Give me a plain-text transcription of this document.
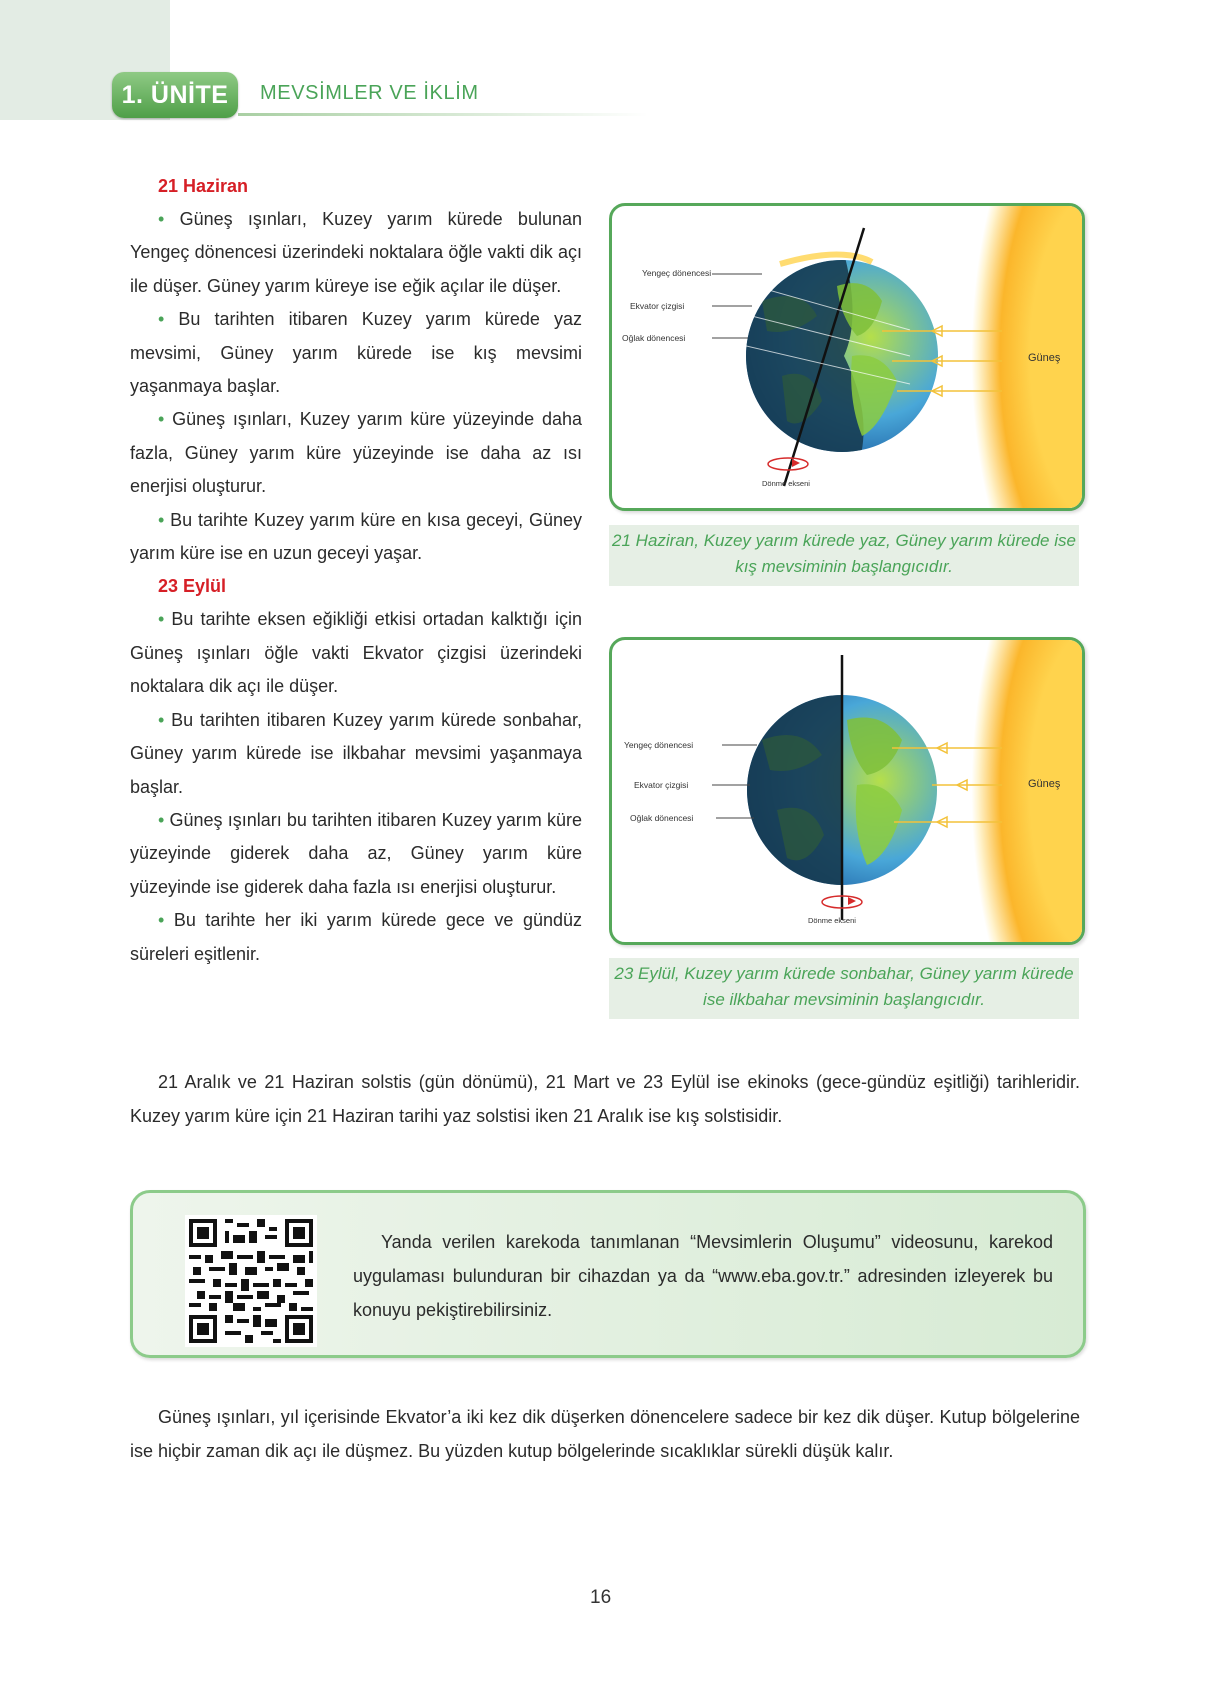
1. ÜNİTE	MEVSİMLER VE İKLİM
21 Haziran

• Güneş ışınları, Kuzey yarım kürede bulunan Yengeç dönencesi üzerindeki noktalara öğle vakti dik açı ile düşer. Güney yarım küreye ise eğik açılar ile düşer.

• Bu tarihten itibaren Kuzey yarım kürede yaz mevsimi, Güney yarım kürede ise kış mevsimi yaşanmaya başlar.

• Güneş ışınları, Kuzey yarım küre yüzeyinde daha fazla, Güney yarım küre yüzeyinde ise daha az ısı enerjisi oluşturur.

• Bu tarihte Kuzey yarım küre en kısa geceyi, Güney yarım küre ise en uzun geceyi yaşar.

23 Eylül

• Bu tarihte eksen eğikliği etkisi ortadan kalktığı için Güneş ışınları öğle vakti Ekvator çizgisi üzerindeki noktalara dik açı ile düşer.

• Bu tarihten itibaren Kuzey yarım kürede sonbahar, Güney yarım kürede ise ilkbahar mevsimi yaşanmaya başlar.

• Güneş ışınları bu tarihten itibaren Kuzey yarım küre yüzeyinde giderek daha az, Güney yarım küre yüzeyinde ise giderek daha fazla ısı enerjisi oluşturur.

• Bu tarihte her iki yarım kürede gece ve gündüz süreleri eşitlenir.

Yengeç dönencesi
Ekvator çizgisi
Oğlak dönencesi
Güneş
Dönme ekseni
21 Haziran, Kuzey yarım kürede yaz, Güney yarım kürede ise kış mevsiminin başlangıcıdır.
Yengeç dönencesi
Ekvator çizgisi
Oğlak dönencesi
Güneş
Dönme ekseni
23 Eylül, Kuzey yarım kürede sonbahar, Güney yarım kürede ise ilkbahar mevsiminin başlangıcıdır.

21 Aralık ve 21 Haziran solstis (gün dönümü), 21 Mart ve 23 Eylül ise ekinoks (gece-gündüz eşitliği) tarihleridir. Kuzey yarım küre için 21 Haziran tarihi yaz solstisi iken 21 Aralık ise kış solstisidir.

Yanda verilen karekoda tanımlanan “Mevsimlerin Oluşumu” videosunu, karekod uygulaması bulunduran bir cihazdan ya da “www.eba.gov.tr.” adresinden izleyerek bu konuyu pekiştirebilirsiniz.

Güneş ışınları, yıl içerisinde Ekvator’a iki kez dik düşerken dönencelere sadece bir kez dik düşer. Kutup bölgelerine ise hiçbir zaman dik açı ile düşmez. Bu yüzden kutup bölgelerinde sıcaklıklar sürekli düşük kalır.

16
